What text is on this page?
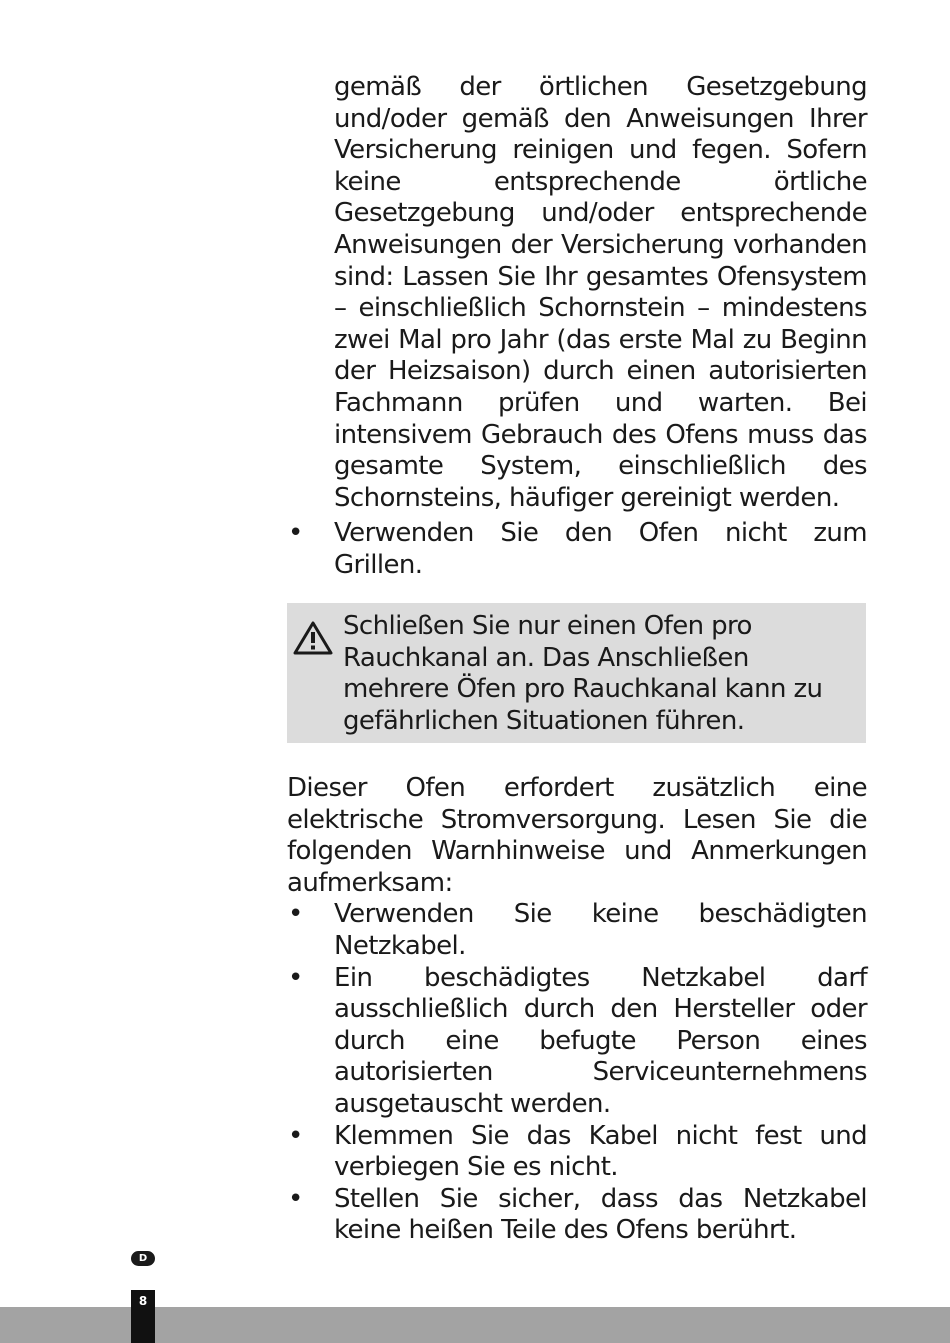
gemäß der örtlichen Gesetzgebung und/oder gemäß den Anweisungen Ihrer Versicherung reinigen und fegen. Sofern keine entsprechende örtliche Gesetzgebung und/oder entsprechende Anweisungen der Versicherung vorhanden sind: Lassen Sie Ihr gesamtes Ofensystem – einschließlich Schornstein – mindestens zwei Mal pro Jahr (das erste Mal zu Beginn der Heizsaison) durch einen autorisierten Fachmann prüfen und warten. Bei intensivem Gebrauch des Ofens muss das gesamte System, einschließlich des Schornsteins, häufiger gereinigt werden.

• Verwenden Sie den Ofen nicht zum Grillen.
Schließen Sie nur einen Ofen pro Rauchkanal an. Das Anschließen mehrere Öfen pro Rauchkanal kann zu gefährlichen Situationen führen.

Dieser Ofen erfordert zusätzlich eine elektrische Stromversorgung. Lesen Sie die folgenden Warnhinweise und Anmerkungen aufmerksam:

• Verwenden Sie keine beschädigten Netzkabel.
• Ein beschädigtes Netzkabel darf ausschließlich durch den Hersteller oder durch eine befugte Person eines autorisierten Serviceunternehmens ausgetauscht werden.
• Klemmen Sie das Kabel nicht fest und verbiegen Sie es nicht.
• Stellen Sie sicher, dass das Netzkabel keine heißen Teile des Ofens berührt.
D
8
